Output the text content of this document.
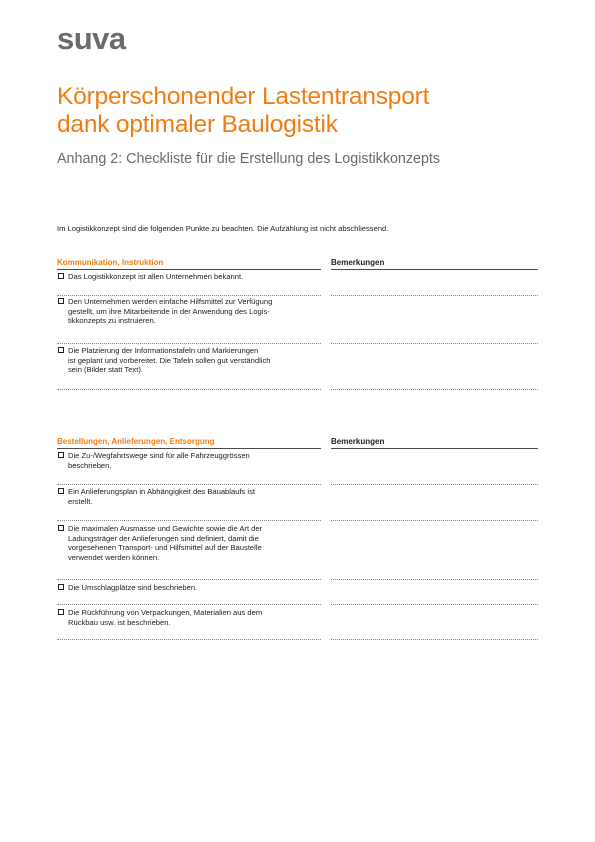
suva
Körperschonender Lastentransport
dank optimaler Baulogistik
Anhang 2: Checkliste für die Erstellung des Logistikkonzepts
Im Logistikkonzept sind die folgenden Punkte zu beachten. Die Aufzählung ist nicht abschliessend.
Kommunikation, Instruktion	Bemerkungen
Das Logistikkonzept ist allen Unternehmen bekannt.
Den Unternehmen werden einfache Hilfsmittel zur Verfügung
gestellt, um ihre Mitarbeitende in der Anwendung des Logis-
tikkonzepts zu instruieren.
Die Platzierung der Informationstafeln und Markierungen
ist geplant und vorbereitet. Die Tafeln sollen gut verständlich
sein (Bilder statt Text).
Bestellungen, Anlieferungen, Entsorgung	Bemerkungen
Die Zu-/Wegfahrtswege sind für alle Fahrzeuggrössen
beschrieben.
Ein Anlieferungsplan in Abhängigkeit des Bauablaufs ist
erstellt.
Die maximalen Ausmasse und Gewichte sowie die Art der
Ladungsträger der Anlieferungen sind definiert, damit die
vorgesehenen Transport- und Hilfsmittel auf der Baustelle
verwendet werden können.
Die Umschlagplätze sind beschrieben.
Die Rückführung von Verpackungen, Materialien aus dem
Rückbau usw. ist beschrieben.
